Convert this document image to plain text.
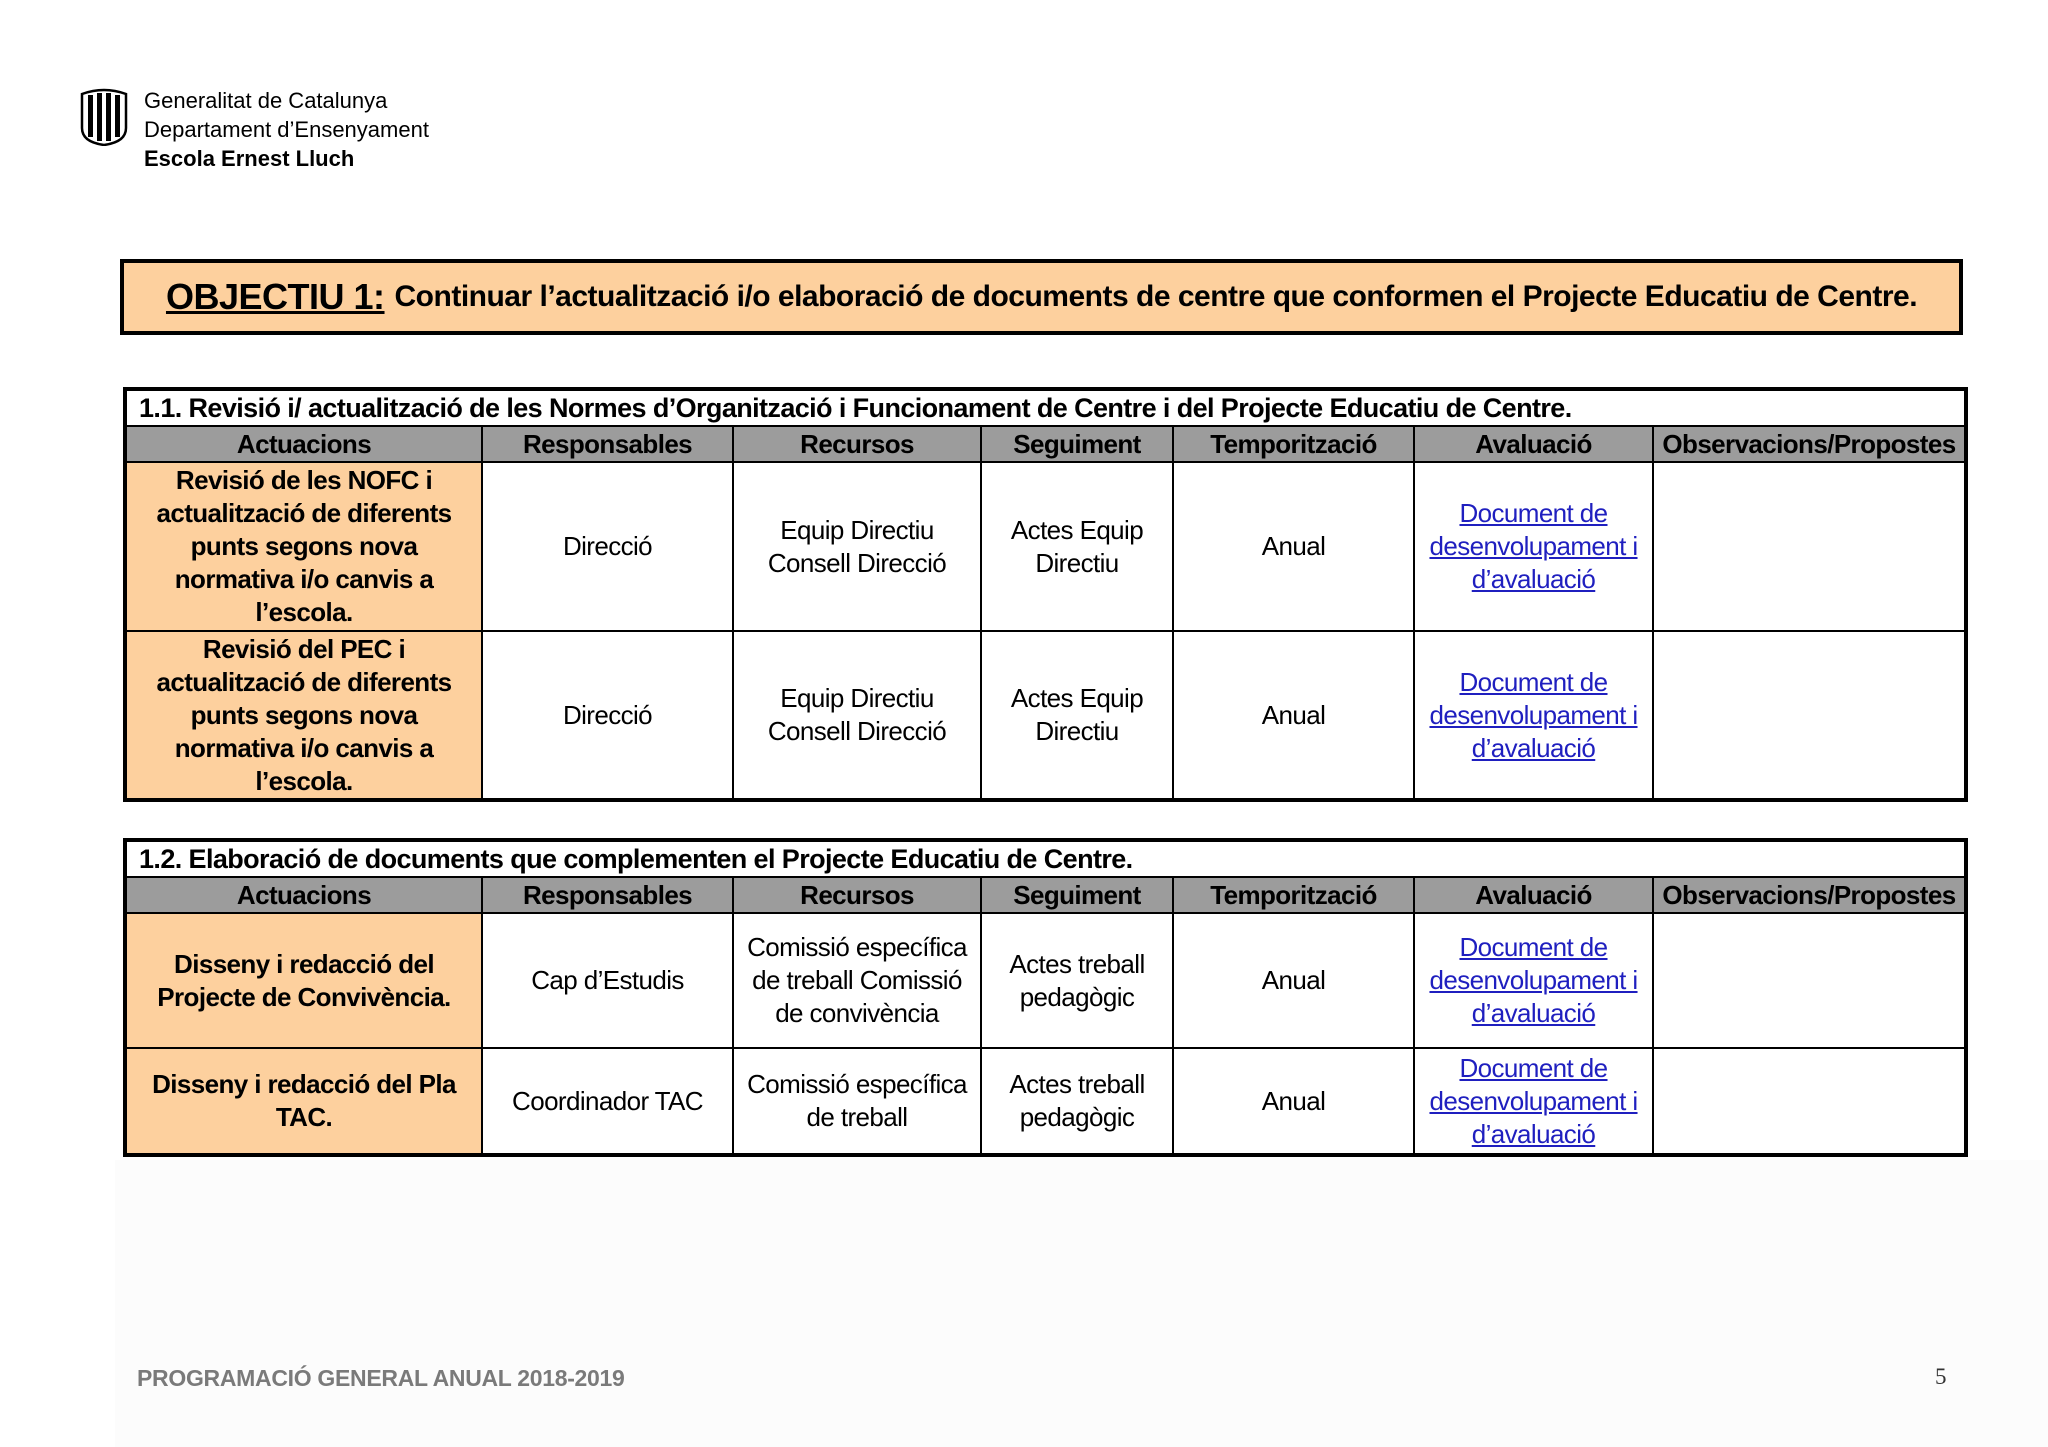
Generalitat de Catalunya
Departament d’Ensenyament
Escola Ernest Lluch
OBJECTIU 1: Continuar l’actualització i/o elaboració de documents de centre que conformen el Projecte Educatiu de Centre.
1.1. Revisió i/ actualització de les Normes d’Organització i Funcionament de Centre i del Projecte Educatiu de Centre.						
Actuacions	Responsables	Recursos	Seguiment	Temporització	Avaluació	Observacions/Propostes
Revisió de les NOFC i actualització de diferents punts segons nova normativa i/o canvis a l’escola.	Direcció	Equip Directiu Consell Direcció	Actes Equip Directiu	Anual	Document de desenvolupament i d’avaluació	
Revisió del PEC i actualització de diferents punts segons nova normativa i/o canvis a l’escola.	Direcció	Equip Directiu Consell Direcció	Actes Equip Directiu	Anual	Document de desenvolupament i d’avaluació	
1.2. Elaboració de documents que complementen el Projecte Educatiu de Centre.						
Actuacions	Responsables	Recursos	Seguiment	Temporització	Avaluació	Observacions/Propostes
Disseny i redacció del Projecte de Convivència.	Cap d’Estudis	Comissió específica de treball Comissió de convivència	Actes treball pedagògic	Anual	Document de desenvolupament i d’avaluació	
Disseny i redacció del Pla TAC.	Coordinador TAC	Comissió específica de treball	Actes treball pedagògic	Anual	Document de desenvolupament i d’avaluació	
PROGRAMACIÓ GENERAL ANUAL 2018-2019	5
